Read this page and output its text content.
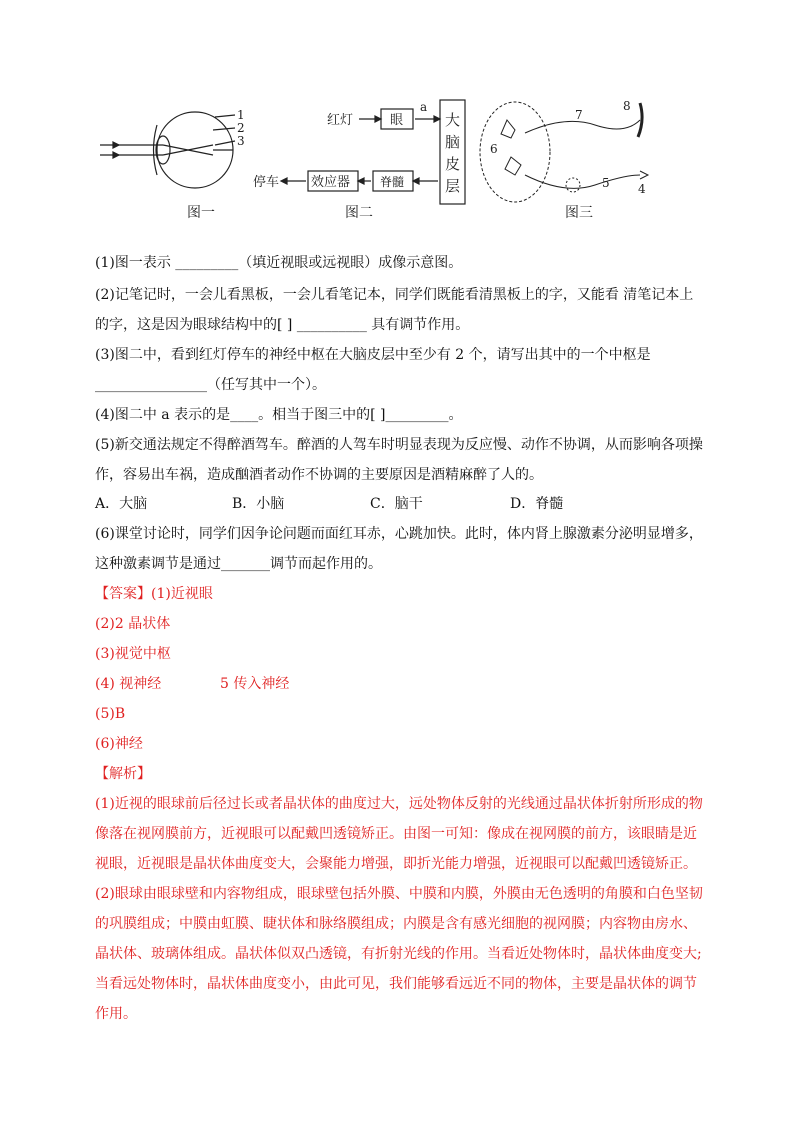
1
2
3
图一
红灯	眼
a
大
脑
皮
层
脊髓
效应器
停车
图二
6
7
8
5 4
图三
(1)图一表示 _________（填近视眼或远视眼）成像示意图。
(2)记笔记时，一会儿看黑板，一会儿看笔记本，同学们既能看清黑板上的字，又能看 清笔记本上
的字，这是因为眼球结构中的[ ] __________ 具有调节作用。
(3)图二中，看到红灯停车的神经中枢在大脑皮层中至少有 2 个，请写出其中的一个中枢是
________________（任写其中一个）。
(4)图二中 a 表示的是____。相当于图三中的[ ]_________。
(5)新交通法规定不得醉酒驾车。醉酒的人驾车时明显表现为反应慢、动作不协调，从而影响各项操
作，容易出车祸，造成酗酒者动作不协调的主要原因是酒精麻醉了人的。
A．大脑	B．小脑	C．脑干	D．脊髓
(6)课堂讨论时，同学们因争论问题而面红耳赤，心跳加快。此时，体内肾上腺激素分泌明显增多，
这种激素调节是通过_______调节而起作用的。
【答案】(1)近视眼
(2)2 晶状体
(3)视觉中枢
(4) 视神经	5 传入神经
(5)B
(6)神经
【解析】
(1)近视的眼球前后径过长或者晶状体的曲度过大，远处物体反射的光线通过晶状体折射所形成的物
像落在视网膜前方，近视眼可以配戴凹透镜矫正。由图一可知：像成在视网膜的前方，该眼睛是近
视眼，近视眼是晶状体曲度变大，会聚能力增强，即折光能力增强，近视眼可以配戴凹透镜矫正。
(2)眼球由眼球壁和内容物组成，眼球壁包括外膜、中膜和内膜，外膜由无色透明的角膜和白色坚韧
的巩膜组成；中膜由虹膜、睫状体和脉络膜组成；内膜是含有感光细胞的视网膜；内容物由房水、
晶状体、玻璃体组成。晶状体似双凸透镜，有折射光线的作用。当看近处物体时，晶状体曲度变大;
当看远处物体时，晶状体曲度变小，由此可见，我们能够看远近不同的物体，主要是晶状体的调节
作用。
